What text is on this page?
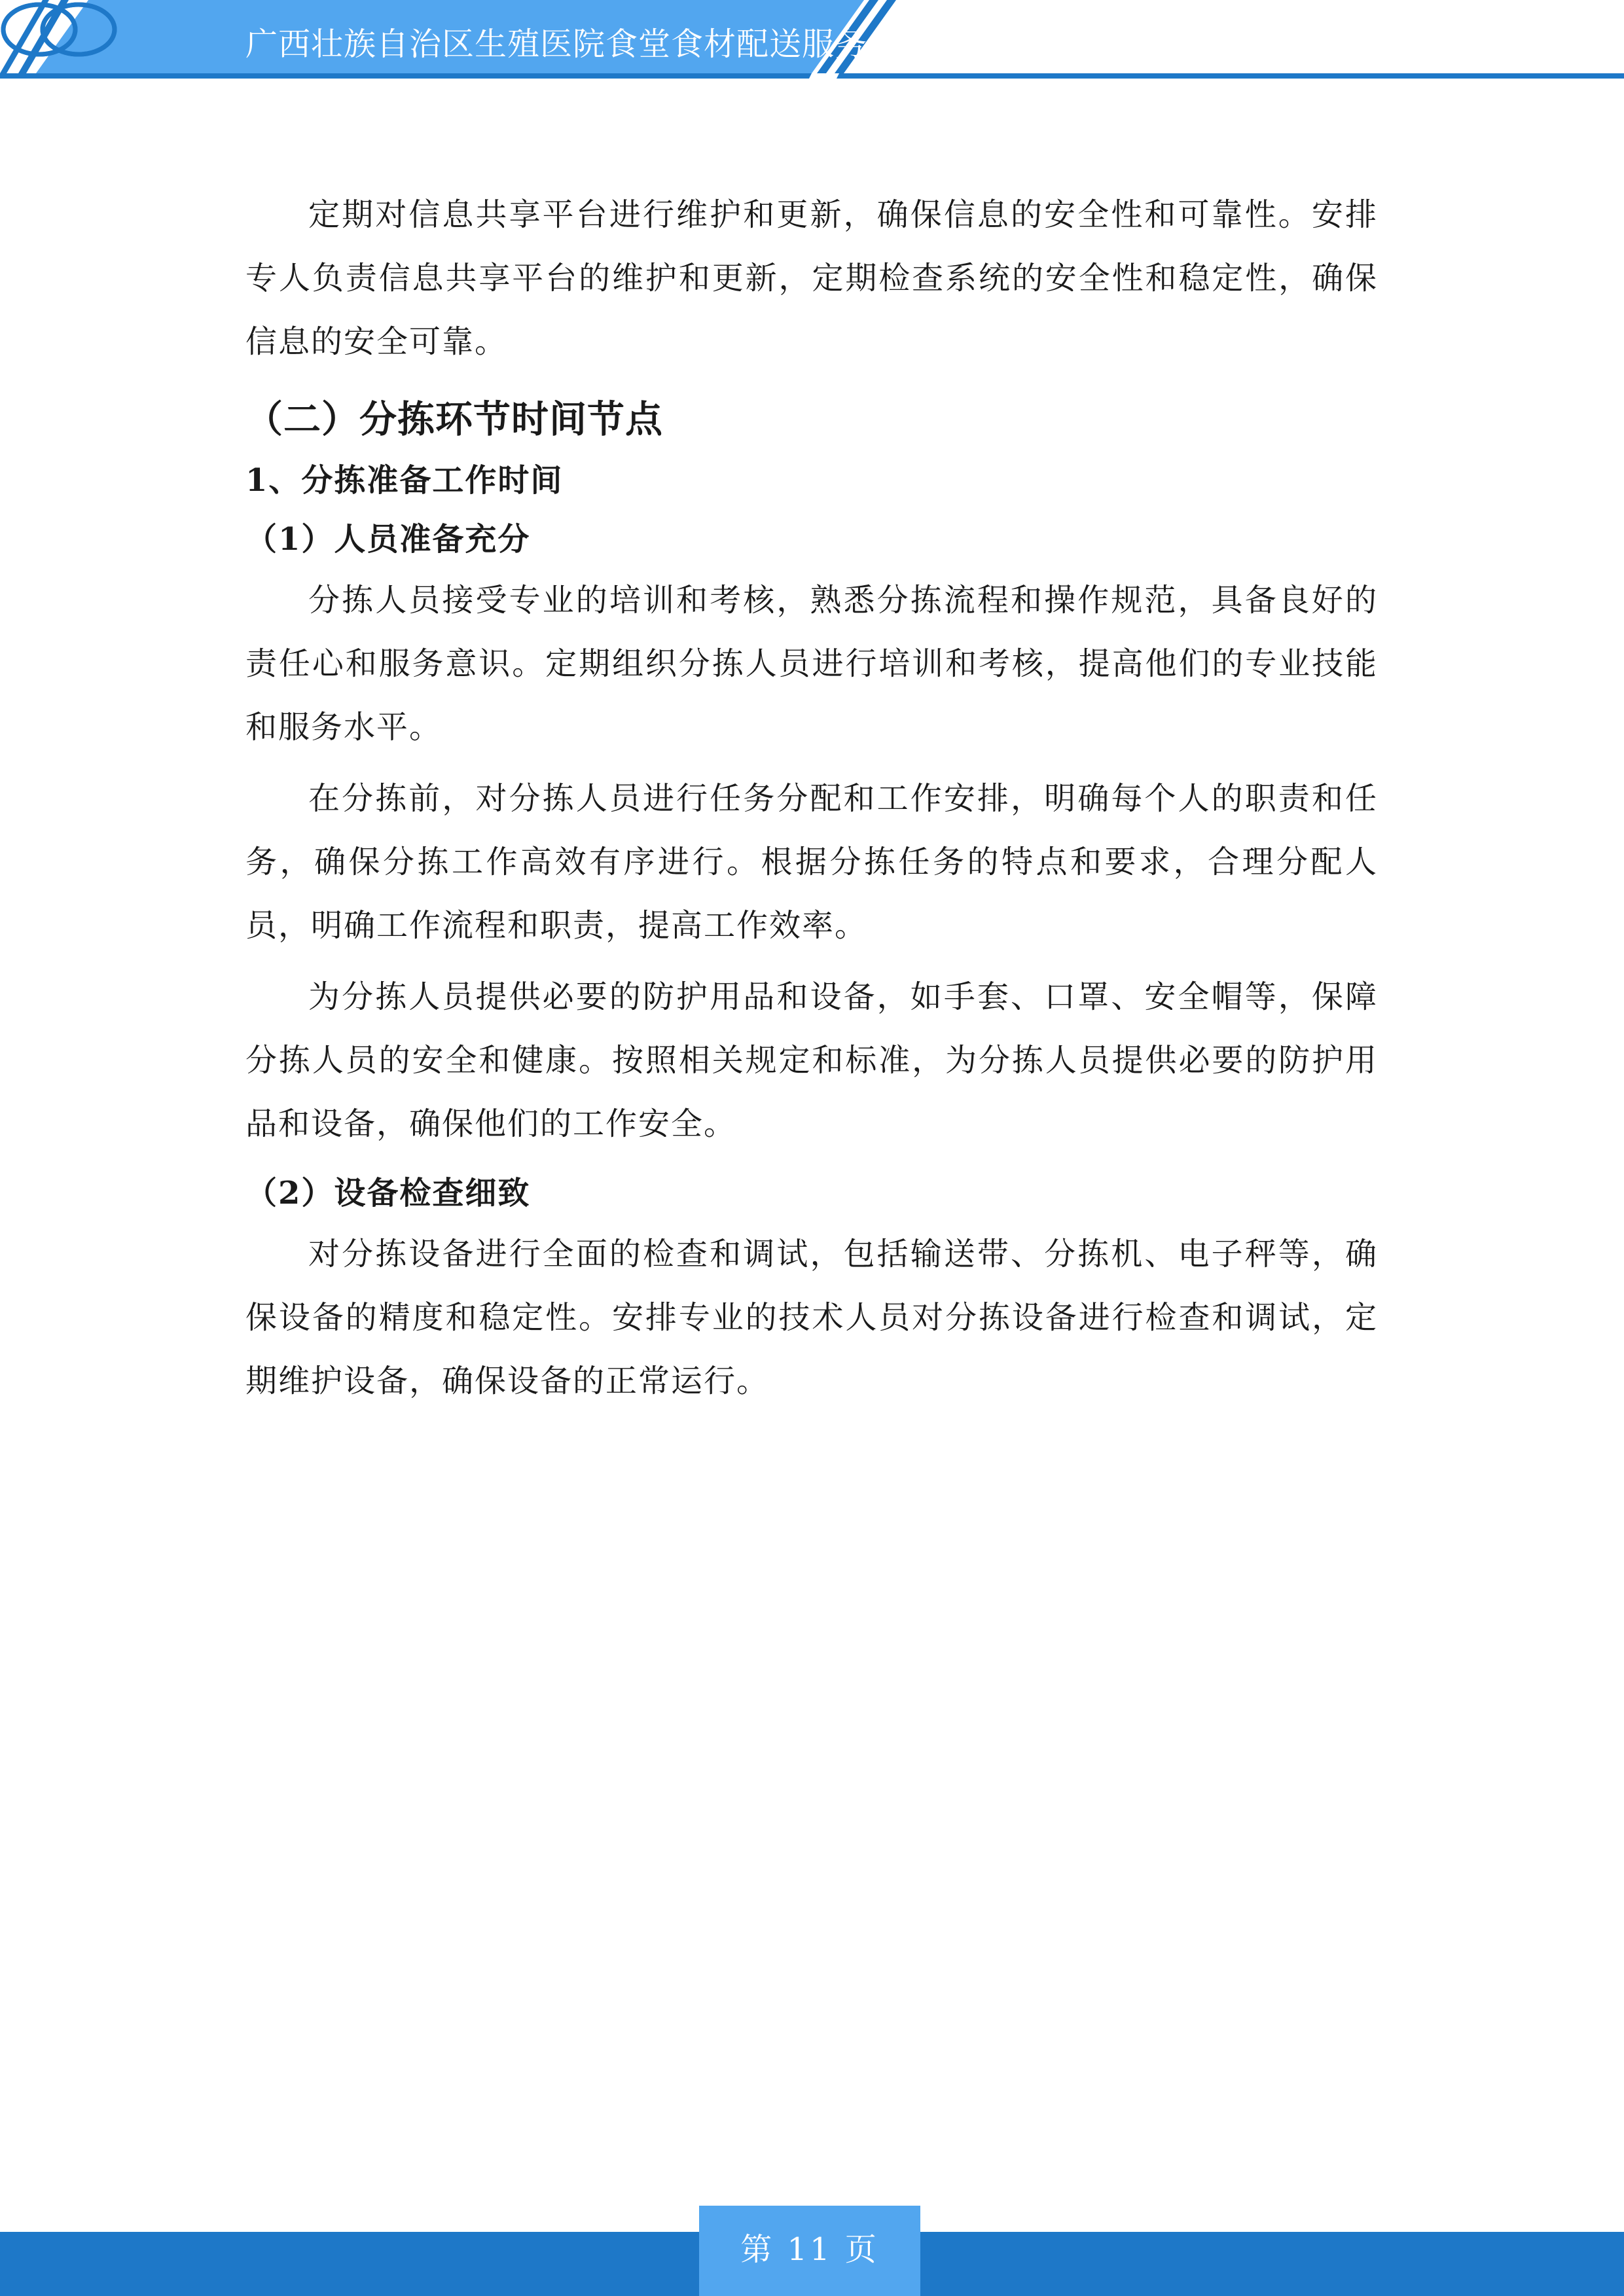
广西壮族自治区生殖医院食堂食材配送服务

定期对信息共享平台进行维护和更新，确保信息的安全性和可靠性。安排专人负责信息共享平台的维护和更新，定期检查系统的安全性和稳定性，确保信息的安全可靠。

（二）分拣环节时间节点
1、分拣准备工作时间
（1）人员准备充分

分拣人员接受专业的培训和考核，熟悉分拣流程和操作规范，具备良好的责任心和服务意识。定期组织分拣人员进行培训和考核，提高他们的专业技能和服务水平。

在分拣前，对分拣人员进行任务分配和工作安排，明确每个人的职责和任务，确保分拣工作高效有序进行。根据分拣任务的特点和要求，合理分配人员，明确工作流程和职责，提高工作效率。

为分拣人员提供必要的防护用品和设备，如手套、口罩、安全帽等，保障分拣人员的安全和健康。按照相关规定和标准，为分拣人员提供必要的防护用品和设备，确保他们的工作安全。

（2）设备检查细致

对分拣设备进行全面的检查和调试，包括输送带、分拣机、电子秤等，确保设备的精度和稳定性。安排专业的技术人员对分拣设备进行检查和调试，定期维护设备，确保设备的正常运行。

第 11 页
